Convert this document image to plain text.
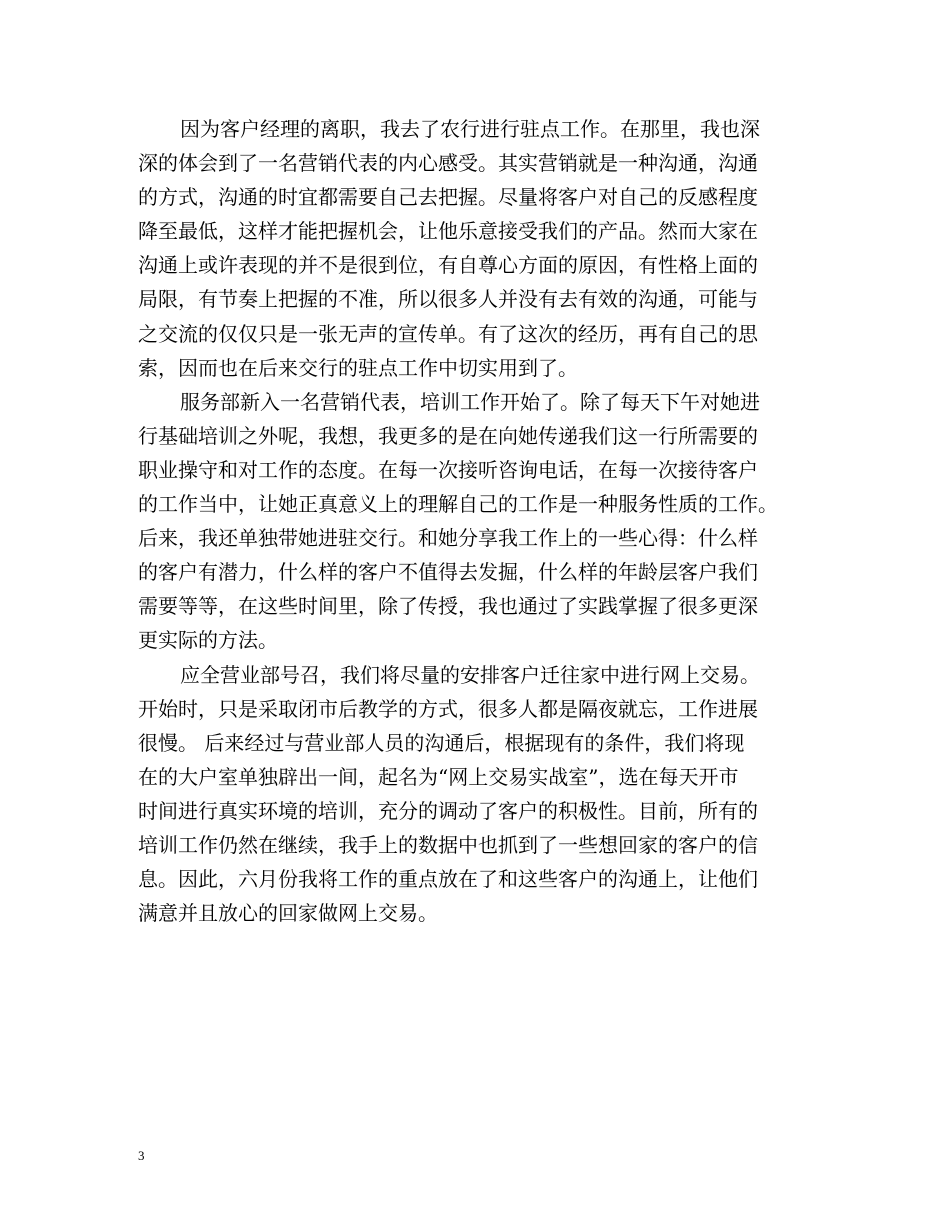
因为客户经理的离职，我去了农行进行驻点工作。在那里，我也深
深的体会到了一名营销代表的内心感受。其实营销就是一种沟通，沟通
的方式，沟通的时宜都需要自己去把握。尽量将客户对自己的反感程度
降至最低，这样才能把握机会，让他乐意接受我们的产品。然而大家在
沟通上或许表现的并不是很到位，有自尊心方面的原因，有性格上面的
局限，有节奏上把握的不准，所以很多人并没有去有效的沟通，可能与
之交流的仅仅只是一张无声的宣传单。有了这次的经历，再有自己的思
索，因而也在后来交行的驻点工作中切实用到了。
服务部新入一名营销代表，培训工作开始了。除了每天下午对她进
行基础培训之外呢，我想，我更多的是在向她传递我们这一行所需要的
职业操守和对工作的态度。在每一次接听咨询电话，在每一次接待客户
的工作当中，让她正真意义上的理解自己的工作是一种服务性质的工作。
后来，我还单独带她进驻交行。和她分享我工作上的一些心得：什么样
的客户有潜力，什么样的客户不值得去发掘，什么样的年龄层客户我们
需要等等，在这些时间里，除了传授，我也通过了实践掌握了很多更深
更实际的方法。
应全营业部号召，我们将尽量的安排客户迁往家中进行网上交易。
开始时，只是采取闭市后教学的方式，很多人都是隔夜就忘，工作进展
很慢。 后来经过与营业部人员的沟通后，根据现有的条件，我们将现
在的大户室单独辟出一间，起名为“网上交易实战室”，选在每天开市
时间进行真实环境的培训，充分的调动了客户的积极性。目前，所有的
培训工作仍然在继续，我手上的数据中也抓到了一些想回家的客户的信
息。因此，六月份我将工作的重点放在了和这些客户的沟通上，让他们
满意并且放心的回家做网上交易。
3
